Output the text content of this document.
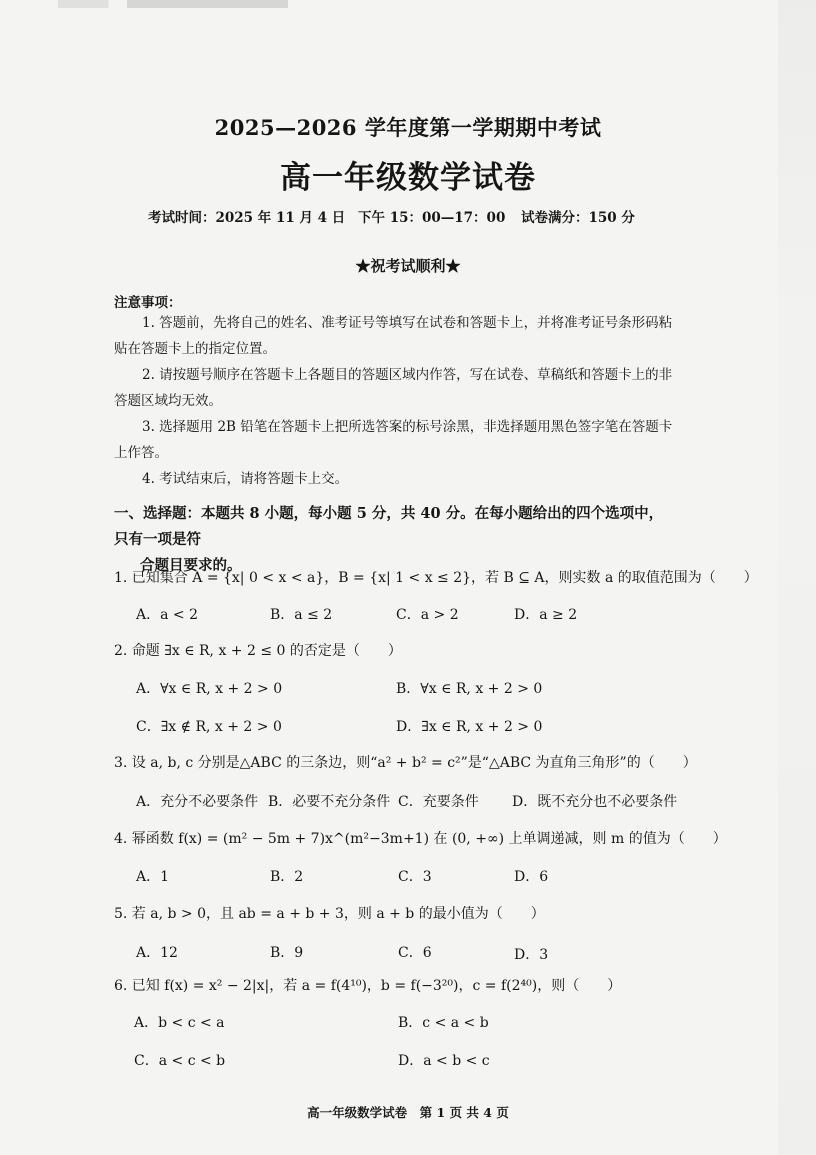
2025—2026 学年度第一学期期中考试
高一年级数学试卷
考试时间：2025 年 11 月 4 日 下午 15：00—17：00 试卷满分：150 分
★祝考试顺利★
注意事项：
1. 答题前，先将自己的姓名、准考证号等填写在试卷和答题卡上，并将准考证号条形码粘贴在答题卡上的指定位置。
2. 请按题号顺序在答题卡上各题目的答题区域内作答，写在试卷、草稿纸和答题卡上的非答题区域均无效。
3. 选择题用 2B 铅笔在答题卡上把所选答案的标号涂黑，非选择题用黑色签字笔在答题卡上作答。
4. 考试结束后，请将答题卡上交。
一、选择题：本题共 8 小题，每小题 5 分，共 40 分。在每小题给出的四个选项中，只有一项是符
合题目要求的。
1. 已知集合 A = {x| 0 < x < a}，B = {x| 1 < x ≤ 2}，若 B ⊆ A，则实数 a 的取值范围为（　　）
A．a < 2	B．a ≤ 2	C．a > 2	D．a ≥ 2
2. 命题 ∃x ∈ R, x + 2 ≤ 0 的否定是（　　）
A．∀x ∈ R, x + 2 > 0	B．∀x ∈ R, x + 2 > 0
C．∃x ∉ R, x + 2 > 0	D．∃x ∈ R, x + 2 > 0
3. 设 a, b, c 分别是△ABC 的三条边，则“a² + b² = c²”是“△ABC 为直角三角形”的（　　）
A．充分不必要条件 B．必要不充分条件 C．充要条件 D．既不充分也不必要条件
4. 幂函数 f(x) = (m² − 5m + 7)x^(m²−3m+1) 在 (0, +∞) 上单调递减，则 m 的值为（　　）
A．1	B．2	C．3	D．6
5. 若 a, b > 0，且 ab = a + b + 3，则 a + b 的最小值为（　　）
A．12	B．9	C．6	D．3
6. 已知 f(x) = x² − 2|x|，若 a = f(4¹⁰)，b = f(−3²⁰)，c = f(2⁴⁰)，则（　　）
A．b < c < a	B．c < a < b
C．a < c < b	D．a < b < c
高一年级数学试卷　第 1 页 共 4 页
